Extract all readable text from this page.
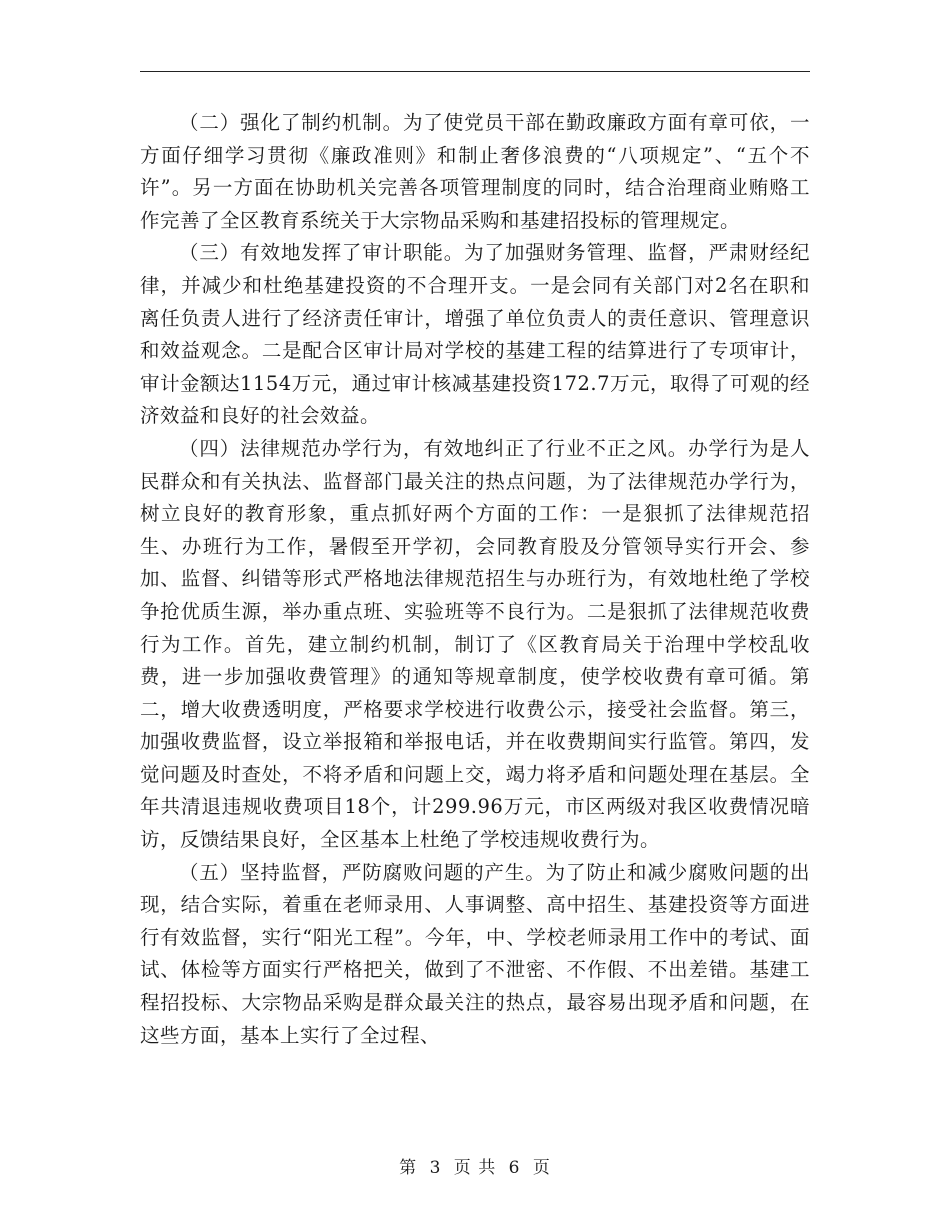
（二）强化了制约机制。为了使党员干部在勤政廉政方面有章可依，一方面仔细学习贯彻《廉政准则》和制止奢侈浪费的“八项规定”、“五个不许”。另一方面在协助机关完善各项管理制度的同时，结合治理商业贿赂工作完善了全区教育系统关于大宗物品采购和基建招投标的管理规定。

（三）有效地发挥了审计职能。为了加强财务管理、监督，严肃财经纪律，并减少和杜绝基建投资的不合理开支。一是会同有关部门对2名在职和离任负责人进行了经济责任审计，增强了单位负责人的责任意识、管理意识和效益观念。二是配合区审计局对学校的基建工程的结算进行了专项审计，审计金额达1154万元，通过审计核减基建投资172.7万元，取得了可观的经济效益和良好的社会效益。

（四）法律规范办学行为，有效地纠正了行业不正之风。办学行为是人民群众和有关执法、监督部门最关注的热点问题，为了法律规范办学行为，树立良好的教育形象，重点抓好两个方面的工作：一是狠抓了法律规范招生、办班行为工作，暑假至开学初，会同教育股及分管领导实行开会、参加、监督、纠错等形式严格地法律规范招生与办班行为，有效地杜绝了学校争抢优质生源，举办重点班、实验班等不良行为。二是狠抓了法律规范收费行为工作。首先，建立制约机制，制订了《区教育局关于治理中学校乱收费，进一步加强收费管理》的通知等规章制度，使学校收费有章可循。第二，增大收费透明度，严格要求学校进行收费公示，接受社会监督。第三，加强收费监督，设立举报箱和举报电话，并在收费期间实行监管。第四，发觉问题及时查处，不将矛盾和问题上交，竭力将矛盾和问题处理在基层。全年共清退违规收费项目18个，计299.96万元，市区两级对我区收费情况暗访，反馈结果良好，全区基本上杜绝了学校违规收费行为。

（五）坚持监督，严防腐败问题的产生。为了防止和减少腐败问题的出现，结合实际，着重在老师录用、人事调整、高中招生、基建投资等方面进行有效监督，实行“阳光工程”。今年，中、学校老师录用工作中的考试、面试、体检等方面实行严格把关，做到了不泄密、不作假、不出差错。基建工程招投标、大宗物品采购是群众最关注的热点，最容易出现矛盾和问题，在这些方面，基本上实行了全过程、

第 3 页 共 6 页
